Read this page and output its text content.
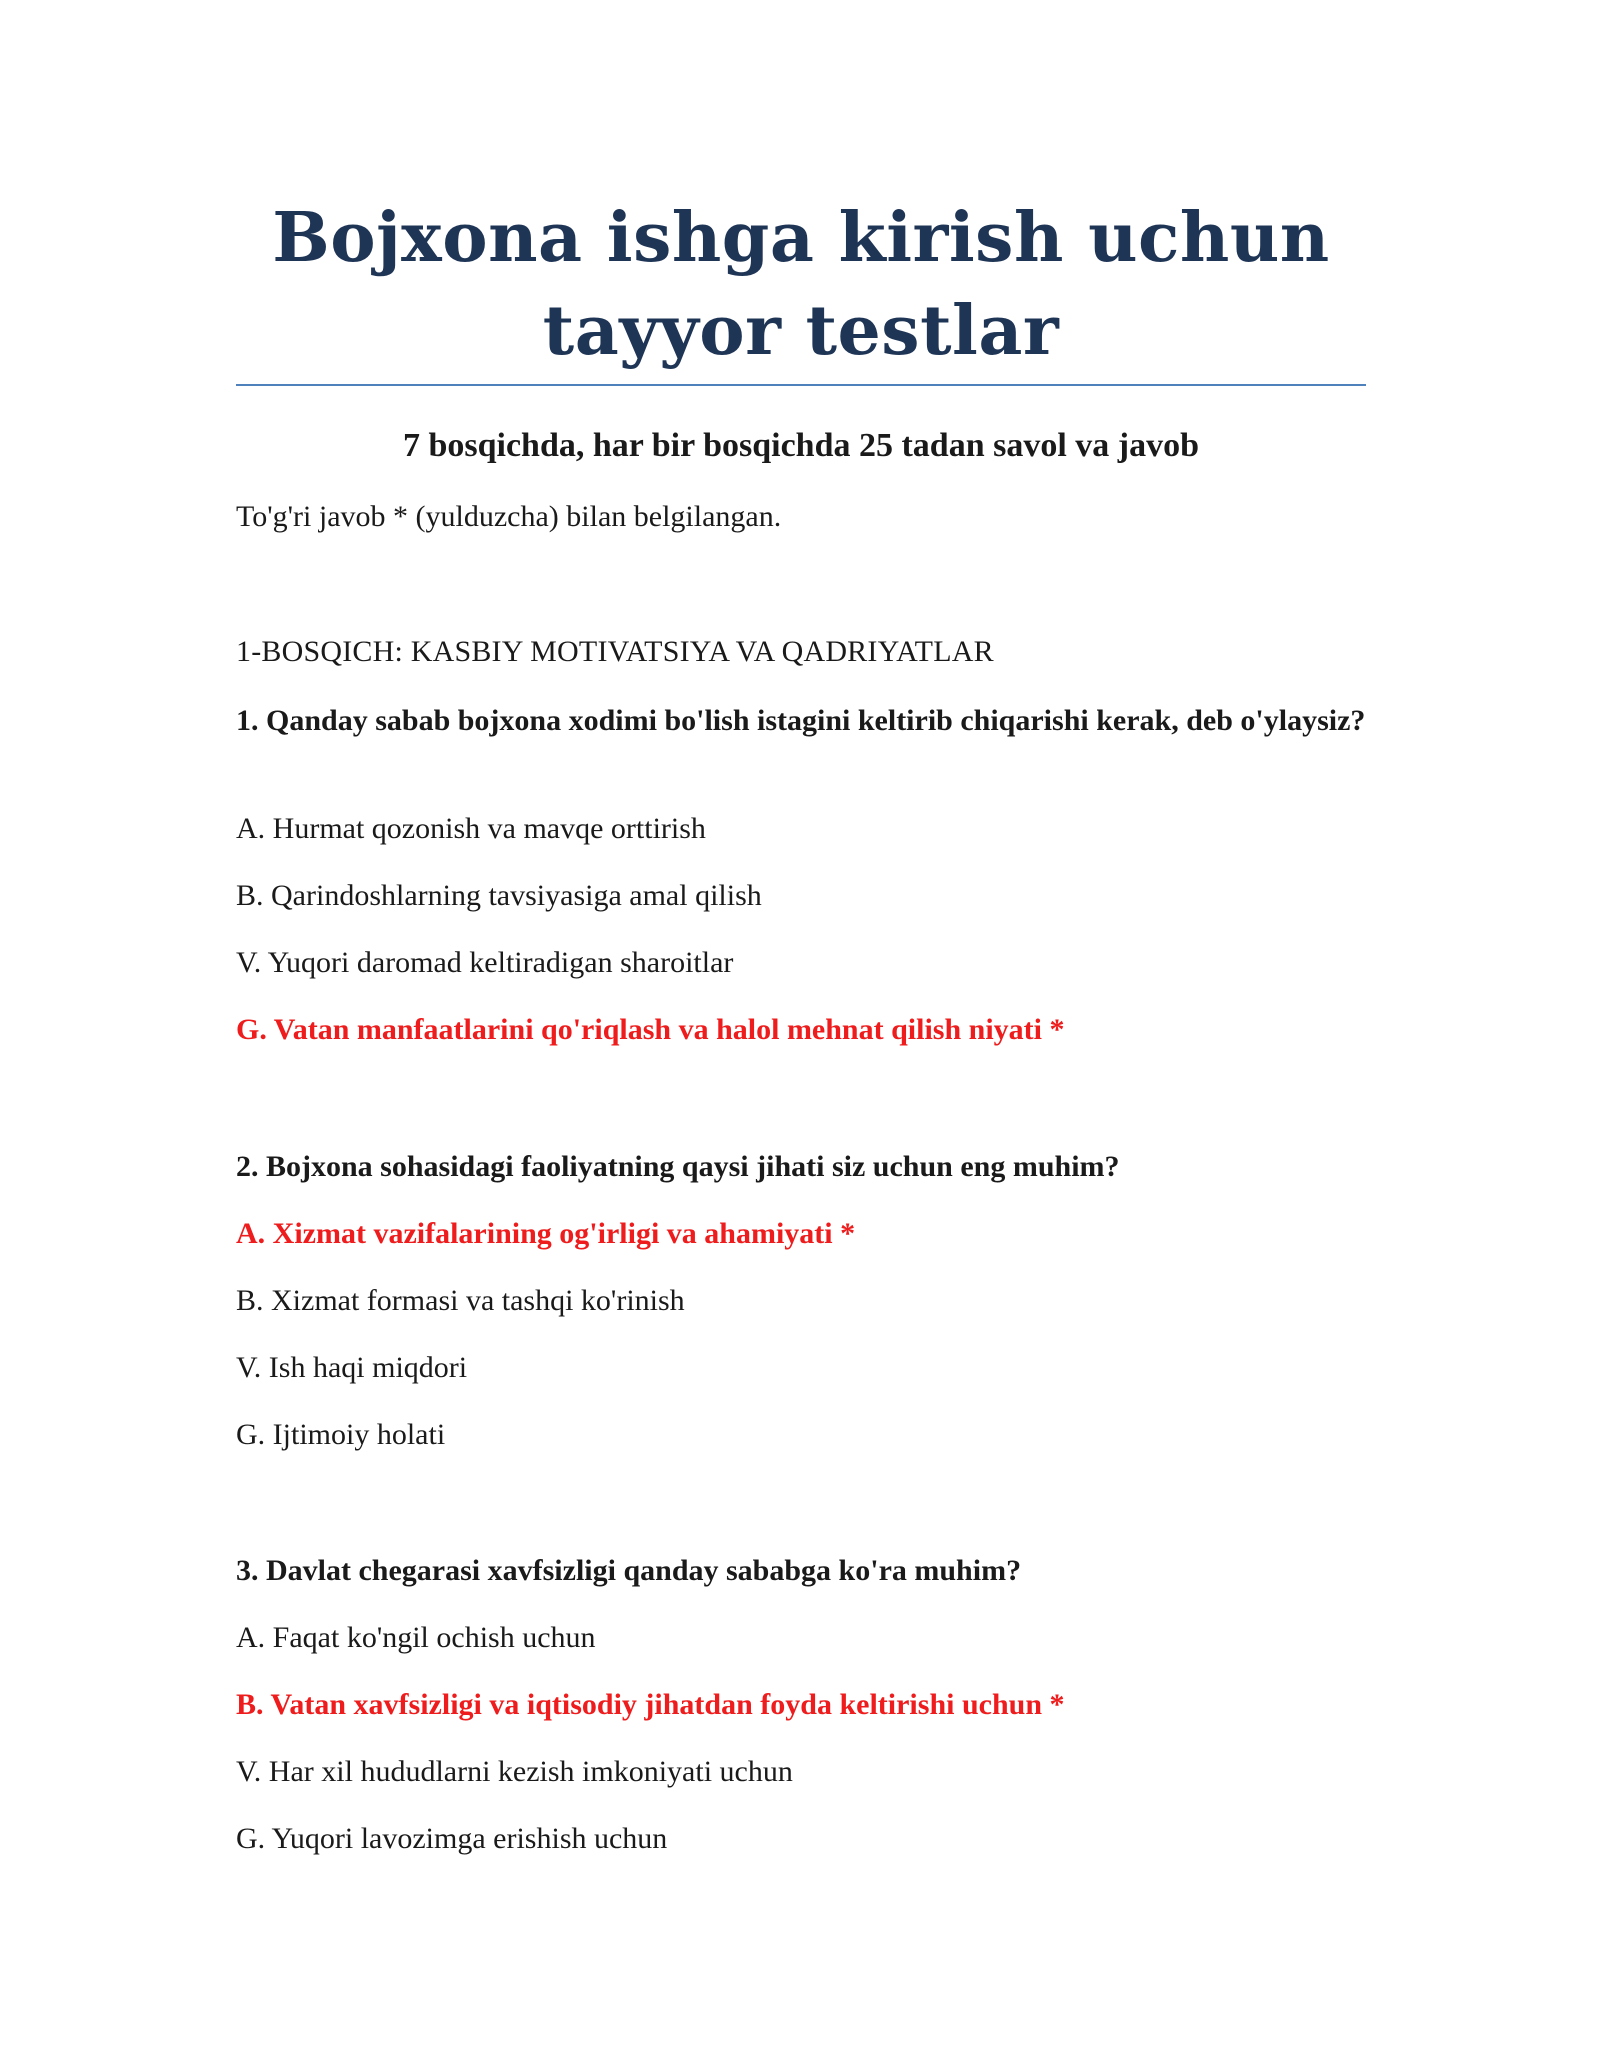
Bojxona ishga kirish uchun
tayyor testlar
7 bosqichda, har bir bosqichda 25 tadan savol va javob
To'g'ri javob * (yulduzcha) bilan belgilangan.
1-BOSQICH: KASBIY MOTIVATSIYA VA QADRIYATLAR

1. Qanday sabab bojxona xodimi bo'lish istagini keltirib chiqarishi kerak, deb o'ylaysiz?

A. Hurmat qozonish va mavqe orttirish
B. Qarindoshlarning tavsiyasiga amal qilish
V. Yuqori daromad keltiradigan sharoitlar
G. Vatan manfaatlarini qo'riqlash va halol mehnat qilish niyati *

2. Bojxona sohasidagi faoliyatning qaysi jihati siz uchun eng muhim?

A. Xizmat vazifalarining og'irligi va ahamiyati *
B. Xizmat formasi va tashqi ko'rinish
V. Ish haqi miqdori
G. Ijtimoiy holati

3. Davlat chegarasi xavfsizligi qanday sababga ko'ra muhim?

A. Faqat ko'ngil ochish uchun
B. Vatan xavfsizligi va iqtisodiy jihatdan foyda keltirishi uchun *
V. Har xil hududlarni kezish imkoniyati uchun
G. Yuqori lavozimga erishish uchun
